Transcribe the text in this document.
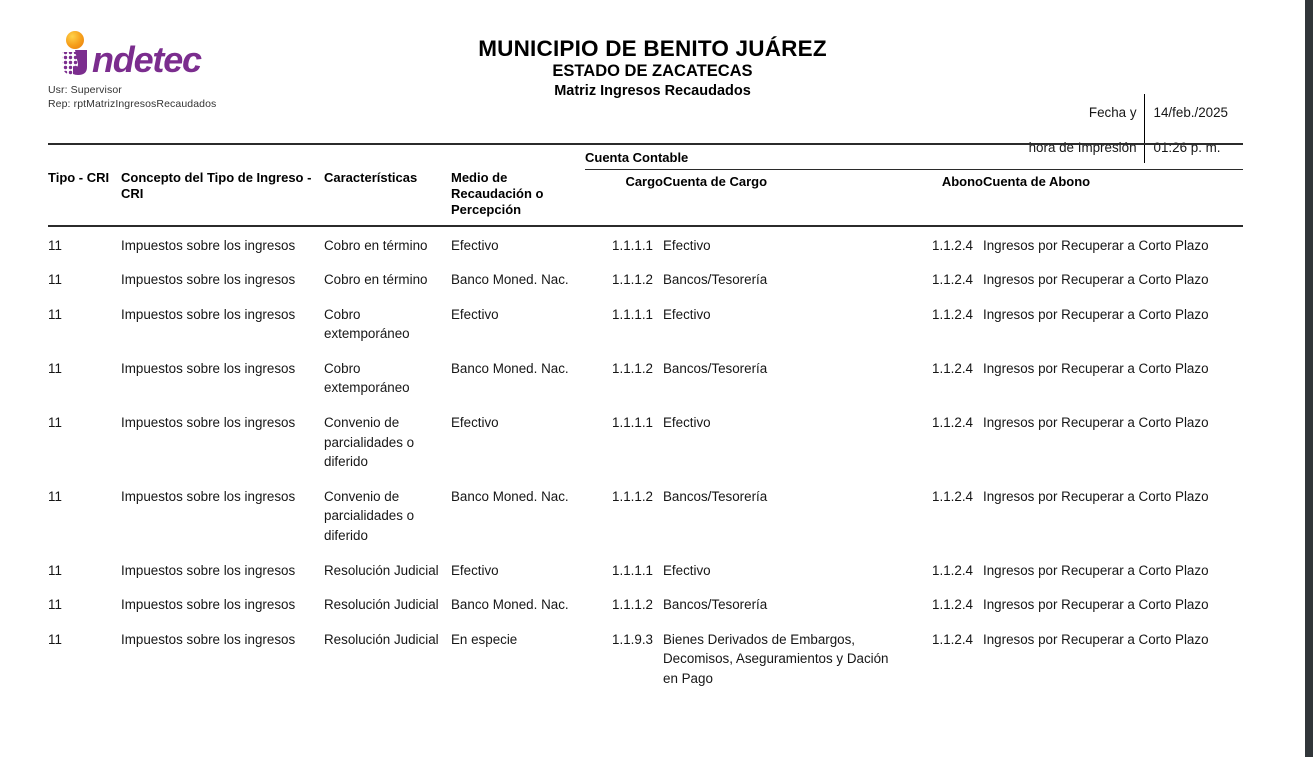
ndetec
Usr: Supervisor
Rep: rptMatrizIngresosRecaudados
MUNICIPIO DE BENITO JUÁREZ
ESTADO DE ZACATECAS
Matriz Ingresos Recaudados
Fecha y	14/feb./2025
hora de Impresión	01:26 p. m.
				Cuenta Contable			
Tipo - CRI	Concepto del Tipo de Ingreso - CRI	Características	Medio de Recaudación o Percepción	Cargo	Cuenta de Cargo	Abono	Cuenta de Abono

11	Impuestos sobre los ingresos	Cobro en término	Efectivo	1.1.1.1	Efectivo	1.1.2.4	Ingresos por Recuperar a Corto Plazo
11	Impuestos sobre los ingresos	Cobro en término	Banco Moned. Nac.	1.1.1.2	Bancos/Tesorería	1.1.2.4	Ingresos por Recuperar a Corto Plazo
11	Impuestos sobre los ingresos	Cobro extemporáneo	Efectivo	1.1.1.1	Efectivo	1.1.2.4	Ingresos por Recuperar a Corto Plazo
11	Impuestos sobre los ingresos	Cobro extemporáneo	Banco Moned. Nac.	1.1.1.2	Bancos/Tesorería	1.1.2.4	Ingresos por Recuperar a Corto Plazo
11	Impuestos sobre los ingresos	Convenio de parcialidades o diferido	Efectivo	1.1.1.1	Efectivo	1.1.2.4	Ingresos por Recuperar a Corto Plazo
11	Impuestos sobre los ingresos	Convenio de parcialidades o diferido	Banco Moned. Nac.	1.1.1.2	Bancos/Tesorería	1.1.2.4	Ingresos por Recuperar a Corto Plazo
11	Impuestos sobre los ingresos	Resolución Judicial	Efectivo	1.1.1.1	Efectivo	1.1.2.4	Ingresos por Recuperar a Corto Plazo
11	Impuestos sobre los ingresos	Resolución Judicial	Banco Moned. Nac.	1.1.1.2	Bancos/Tesorería	1.1.2.4	Ingresos por Recuperar a Corto Plazo
11	Impuestos sobre los ingresos	Resolución Judicial	En especie	1.1.9.3	Bienes Derivados de Embargos, Decomisos, Aseguramientos y Dación en Pago	1.1.2.4	Ingresos por Recuperar a Corto Plazo
